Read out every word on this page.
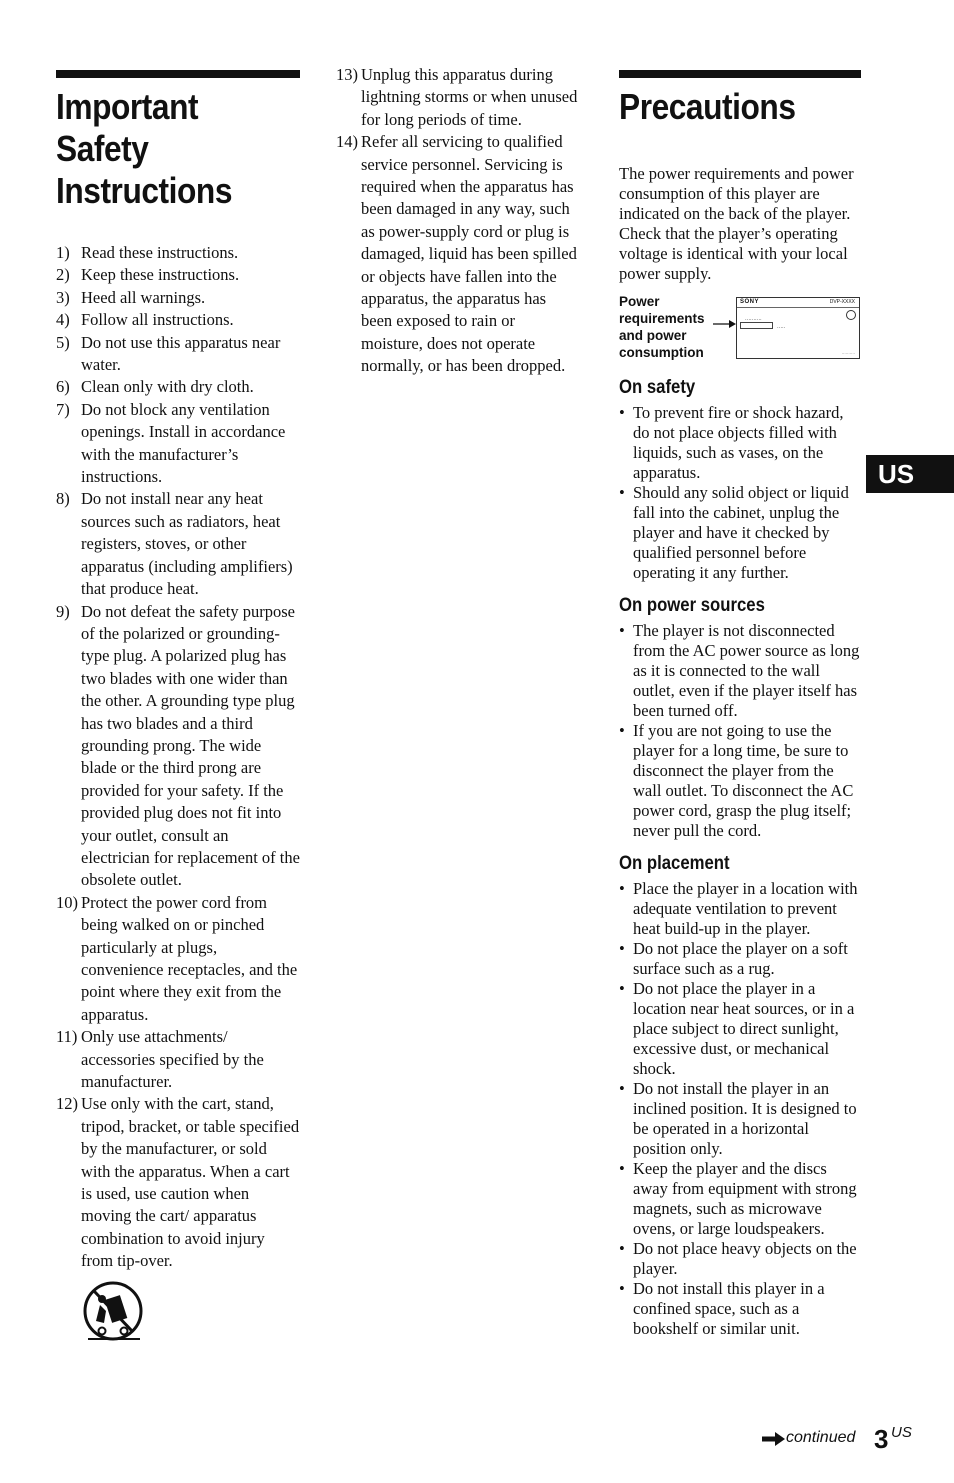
Important
Safety
Instructions
1) Read these instructions.
2) Keep these instructions.
3) Heed all warnings.
4) Follow all instructions.
5) Do not use this apparatus near water.
6) Clean only with dry cloth.
7) Do not block any ventilation openings. Install in accordance with the manufacturer’s instructions.
8) Do not install near any heat sources such as radiators, heat registers, stoves, or other apparatus (including amplifiers) that produce heat.
9) Do not defeat the safety purpose of the polarized or grounding-type plug. A polarized plug has two blades with one wider than the other. A grounding type plug has two blades and a third grounding prong. The wide blade or the third prong are provided for your safety. If the provided plug does not fit into your outlet, consult an electrician for replacement of the obsolete outlet.
10) Protect the power cord from being walked on or pinched particularly at plugs, convenience receptacles, and the point where they exit from the apparatus.
11) Only use attachments/ accessories specified by the manufacturer.
12) Use only with the cart, stand, tripod, bracket, or table specified by the manufacturer, or sold with the apparatus. When a cart is used, use caution when moving the cart/ apparatus combination to avoid injury from tip-over.
13) Unplug this apparatus during lightning storms or when unused for long periods of time.
14) Refer all servicing to qualified service personnel. Servicing is required when the apparatus has been damaged in any way, such as power-supply cord or plug is damaged, liquid has been spilled or objects have fallen into the apparatus, the apparatus has been exposed to rain or moisture, does not operate normally, or has been dropped.
Precautions

The power requirements and power consumption of this player are indicated on the back of the player. Check that the player’s operating voltage is identical with your local power supply.

Power requirements and power consumption
SONY	DVP-XXXX
··········
·····
··········
On safety
• To prevent fire or shock hazard, do not place objects filled with liquids, such as vases, on the apparatus.
• Should any solid object or liquid fall into the cabinet, unplug the player and have it checked by qualified personnel before operating it any further.
On power sources
• The player is not disconnected from the AC power source as long as it is connected to the wall outlet, even if the player itself has been turned off.
• If you are not going to use the player for a long time, be sure to disconnect the player from the wall outlet. To disconnect the AC power cord, grasp the plug itself; never pull the cord.
On placement
• Place the player in a location with adequate ventilation to prevent heat build-up in the player.
• Do not place the player on a soft surface such as a rug.
• Do not place the player in a location near heat sources, or in a place subject to direct sunlight, excessive dust, or mechanical shock.
• Do not install the player in an inclined position. It is designed to be operated in a horizontal position only.
• Keep the player and the discs away from equipment with strong magnets, such as microwave ovens, or large loudspeakers.
• Do not place heavy objects on the player.
• Do not install this player in a confined space, such as a bookshelf or similar unit.
US
continued 3 US
